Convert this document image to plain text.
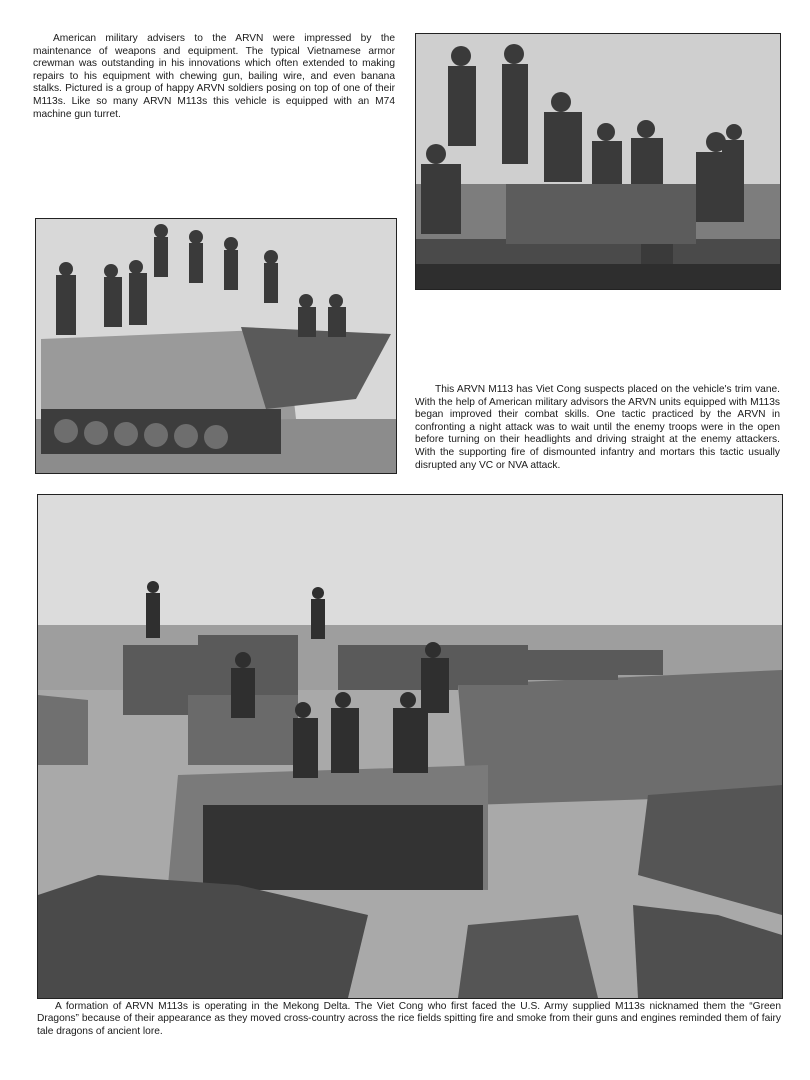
American military advisers to the ARVN were impressed by the maintenance of weapons and equipment. The typical Vietnamese armor crewman was outstanding in his innovations which often extended to making repairs to his equipment with chewing gun, bailing wire, and even banana stalks. Pictured is a group of happy ARVN soldiers posing on top of one of their M113s. Like so many ARVN M113s this vehicle is equipped with an M74 machine gun turret.

This ARVN M113 has Viet Cong suspects placed on the vehicle's trim vane. With the help of American military advisors the ARVN units equipped with M113s began improved their combat skills. One tactic practiced by the ARVN in confronting a night attack was to wait until the enemy troops were in the open before turning on their headlights and driving straight at the enemy attackers. With the supporting fire of dismounted infantry and mortars this tactic usually disrupted any VC or NVA attack.

A formation of ARVN M113s is operating in the Mekong Delta. The Viet Cong who first faced the U.S. Army supplied M113s nicknamed them the “Green Dragons” because of their appearance as they moved cross-country across the rice fields spitting fire and smoke from their guns and engines reminded them of fairy tale dragons of ancient lore.
